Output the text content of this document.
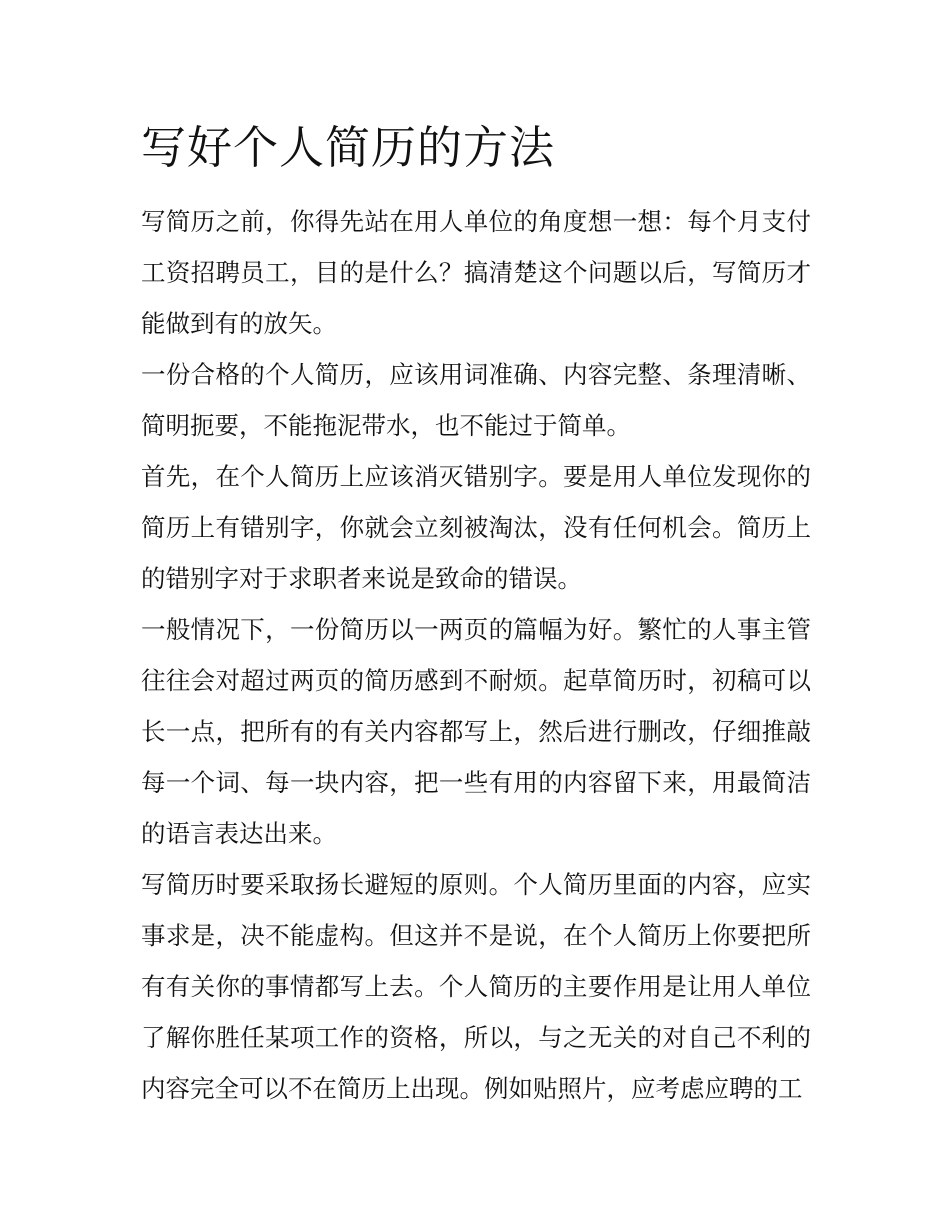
写好个人简历的方法

写简历之前，你得先站在用人单位的角度想一想：每个月支付工资招聘员工，目的是什么？搞清楚这个问题以后，写简历才能做到有的放矢。

一份合格的个人简历，应该用词准确、内容完整、条理清晰、简明扼要，不能拖泥带水，也不能过于简单。

首先，在个人简历上应该消灭错别字。要是用人单位发现你的简历上有错别字，你就会立刻被淘汰，没有任何机会。简历上的错别字对于求职者来说是致命的错误。

一般情况下，一份简历以一两页的篇幅为好。繁忙的人事主管往往会对超过两页的简历感到不耐烦。起草简历时，初稿可以长一点，把所有的有关内容都写上，然后进行删改，仔细推敲每一个词、每一块内容，把一些有用的内容留下来，用最简洁的语言表达出来。

写简历时要采取扬长避短的原则。个人简历里面的内容，应实事求是，决不能虚构。但这并不是说，在个人简历上你要把所有有关你的事情都写上去。个人简历的主要作用是让用人单位了解你胜任某项工作的资格，所以，与之无关的对自己不利的内容完全可以不在简历上出现。例如贴照片，应考虑应聘的工
